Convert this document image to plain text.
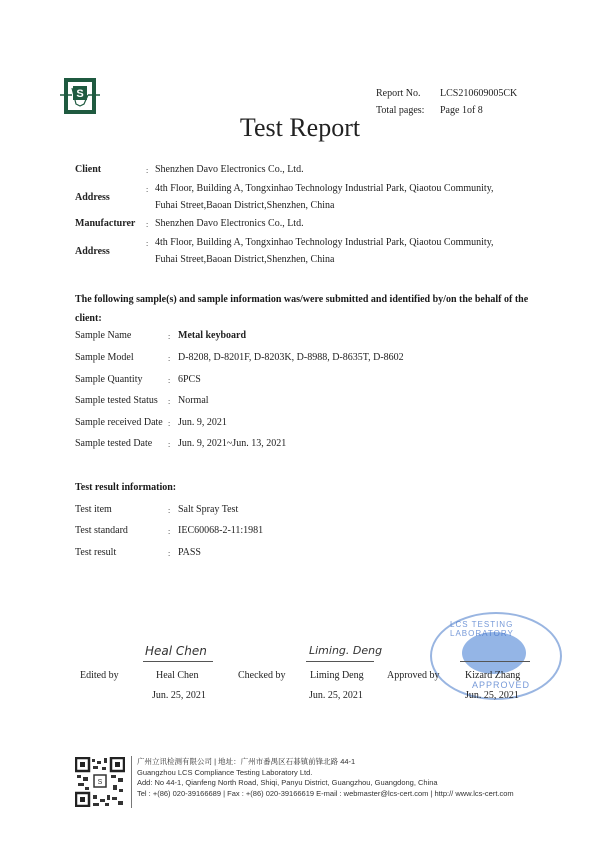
S	Report No.	LCS210609005CK
Total pages:	Page 1of 8
Test Report
Client	: Shenzhen Davo Electronics Co., Ltd.
Address
: 4th Floor, Building A, Tongxinhao Technology Industrial Park, Qiaotou Community,
Fuhai Street,Baoan District,Shenzhen, China
Manufacturer : Shenzhen Davo Electronics Co., Ltd.
Address
: 4th Floor, Building A, Tongxinhao Technology Industrial Park, Qiaotou Community,
Fuhai Street,Baoan District,Shenzhen, China
The following sample(s) and sample information was/were submitted and identified by/on the behalf of the client:
Sample Name	: Metal keyboard
Sample Model	: D-8208, D-8201F, D-8203K, D-8988, D-8635T, D-8602
Sample Quantity	: 6PCS
Sample tested Status : Normal
Sample received Date : Jun. 9, 2021
Sample tested Date : Jun. 9, 2021~Jun. 13, 2021
Test result information:
Test item	: Salt Spray Test
Test standard	: IEC60068-2-11:1981
Test result	: PASS
Heal Chen
Edited by	Heal Chen
Jun. 25, 2021
Liming. Deng
Checked by Liming Deng
Jun. 25, 2021
LCS TESTING LABORATORY
APPROVED
Approved by	Kizard Zhang
Jun. 25, 2021
S
广州立讯检测有限公司 | 地址：广州市番禺区石碁镇前锋北路 44-1
Guangzhou LCS Compliance Testing Laboratory Ltd.
Add: No 44-1, Qianfeng North Road, Shiqi, Panyu District, Guangzhou, Guangdong, China
Tel : +(86) 020-39166689 | Fax : +(86) 020-39166619 E-mail : webmaster@lcs-cert.com | http:// www.lcs-cert.com
